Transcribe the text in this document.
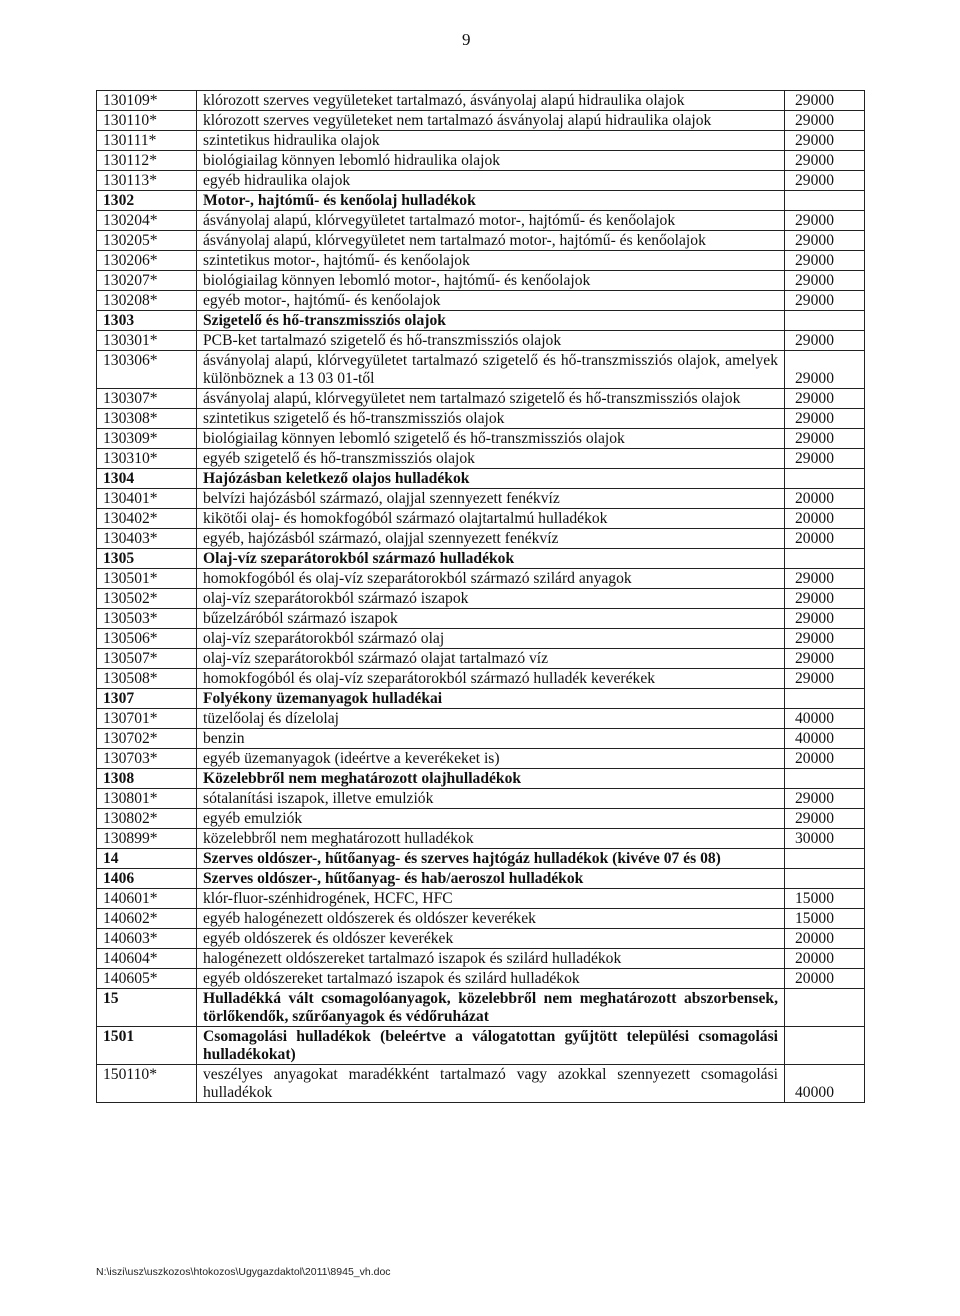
9
130109*	klórozott szerves vegyületeket tartalmazó, ásványolaj alapú hidraulika olajok	29000
130110*	klórozott szerves vegyületeket nem tartalmazó ásványolaj alapú hidraulika olajok	29000
130111*	szintetikus hidraulika olajok	29000
130112*	biológiailag könnyen lebomló hidraulika olajok	29000
130113*	egyéb hidraulika olajok	29000
1302	Motor-, hajtómű- és kenőolaj hulladékok	
130204*	ásványolaj alapú, klórvegyületet tartalmazó motor-, hajtómű- és kenőolajok	29000
130205*	ásványolaj alapú, klórvegyületet nem tartalmazó motor-, hajtómű- és kenőolajok	29000
130206*	szintetikus motor-, hajtómű- és kenőolajok	29000
130207*	biológiailag könnyen lebomló motor-, hajtómű- és kenőolajok	29000
130208*	egyéb motor-, hajtómű- és kenőolajok	29000
1303	Szigetelő és hő-transzmissziós olajok	
130301*	PCB-ket tartalmazó szigetelő és hő-transzmissziós olajok	29000
130306*	ásványolaj alapú, klórvegyületet tartalmazó szigetelő és hő-transzmissziós olajok, amelyek különböznek a 13 03 01-től	29000
130307*	ásványolaj alapú, klórvegyületet nem tartalmazó szigetelő és hő-transzmissziós olajok	29000
130308*	szintetikus szigetelő és hő-transzmissziós olajok	29000
130309*	biológiailag könnyen lebomló szigetelő és hő-transzmissziós olajok	29000
130310*	egyéb szigetelő és hő-transzmissziós olajok	29000
1304	Hajózásban keletkező olajos hulladékok	
130401*	belvízi hajózásból származó, olajjal szennyezett fenékvíz	20000
130402*	kikötői olaj- és homokfogóból származó olajtartalmú hulladékok	20000
130403*	egyéb, hajózásból származó, olajjal szennyezett fenékvíz	20000
1305	Olaj-víz szeparátorokból származó hulladékok	
130501*	homokfogóból és olaj-víz szeparátorokból származó szilárd anyagok	29000
130502*	olaj-víz szeparátorokból származó iszapok	29000
130503*	bűzelzáróból származó iszapok	29000
130506*	olaj-víz szeparátorokból származó olaj	29000
130507*	olaj-víz szeparátorokból származó olajat tartalmazó víz	29000
130508*	homokfogóból és olaj-víz szeparátorokból származó hulladék keverékek	29000
1307	Folyékony üzemanyagok hulladékai	
130701*	tüzelőolaj és dízelolaj	40000
130702*	benzin	40000
130703*	egyéb üzemanyagok (ideértve a keverékeket is)	20000
1308	Közelebbről nem meghatározott olajhulladékok	
130801*	sótalanítási iszapok, illetve emulziók	29000
130802*	egyéb emulziók	29000
130899*	közelebbről nem meghatározott hulladékok	30000
14	Szerves oldószer-, hűtőanyag- és szerves hajtógáz hulladékok (kivéve 07 és 08)	
1406	Szerves oldószer-, hűtőanyag- és hab/aeroszol hulladékok	
140601*	klór-fluor-szénhidrogének, HCFC, HFC	15000
140602*	egyéb halogénezett oldószerek és oldószer keverékek	15000
140603*	egyéb oldószerek és oldószer keverékek	20000
140604*	halogénezett oldószereket tartalmazó iszapok és szilárd hulladékok	20000
140605*	egyéb oldószereket tartalmazó iszapok és szilárd hulladékok	20000
15	Hulladékká vált csomagolóanyagok, közelebbről nem meghatározott abszorbensek, törlőkendők, szűrőanyagok és védőruházat	
1501	Csomagolási hulladékok (beleértve a válogatottan gyűjtött települési csomagolási hulladékokat)	
150110*	veszélyes anyagokat maradékként tartalmazó vagy azokkal szennyezett csomagolási hulladékok	40000
N:\iszi\usz\uszkozos\htokozos\Ugygazdaktol\2011\8945_vh.doc
